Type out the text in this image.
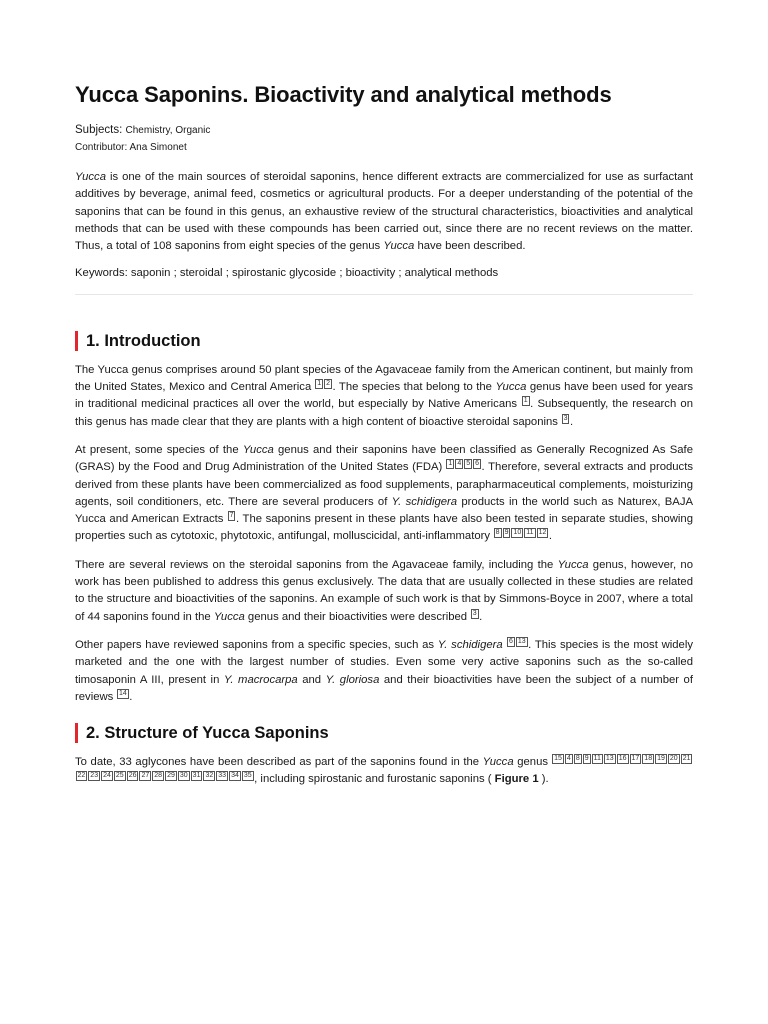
Yucca Saponins. Bioactivity and analytical methods
Subjects: Chemistry, Organic
Contributor: Ana Simonet

Yucca is one of the main sources of steroidal saponins, hence different extracts are commercialized for use as surfactant additives by beverage, animal feed, cosmetics or agricultural products. For a deeper understanding of the potential of the saponins that can be found in this genus, an exhaustive review of the structural characteristics, bioactivities and analytical methods that can be used with these compounds has been carried out, since there are no recent reviews on the matter. Thus, a total of 108 saponins from eight species of the genus Yucca have been described.

Keywords: saponin ; steroidal ; spirostanic glycoside ; bioactivity ; analytical methods

1. Introduction

The Yucca genus comprises around 50 plant species of the Agavaceae family from the American continent, but mainly from the United States, Mexico and Central America 1 2 . The species that belong to the Yucca genus have been used for years in traditional medicinal practices all over the world, but especially by Native Americans 1 . Subsequently, the research on this genus has made clear that they are plants with a high content of bioactive steroidal saponins 3 .

At present, some species of the Yucca genus and their saponins have been classified as Generally Recognized As Safe (GRAS) by the Food and Drug Administration of the United States (FDA) 1 4 5 6 . Therefore, several extracts and products derived from these plants have been commercialized as food supplements, parapharmaceutical complements, moisturizing agents, soil conditioners, etc. There are several producers of Y. schidigera products in the world such as Naturex, BAJA Yucca and American Extracts 7 . The saponins present in these plants have also been tested in separate studies, showing properties such as cytotoxic, phytotoxic, antifungal, molluscicidal, anti-inflammatory 8 9 10 11 12 .

There are several reviews on the steroidal saponins from the Agavaceae family, including the Yucca genus, however, no work has been published to address this genus exclusively. The data that are usually collected in these studies are related to the structure and bioactivities of the saponins. An example of such work is that by Simmons-Boyce in 2007, where a total of 44 saponins found in the Yucca genus and their bioactivities were described 3 .

Other papers have reviewed saponins from a specific species, such as Y. schidigera 6 13 . This species is the most widely marketed and the one with the largest number of studies. Even some very active saponins such as the so-called timosaponin A III, present in Y. macrocarpa and Y. gloriosa and their bioactivities have been the subject of a number of reviews 14 .

2. Structure of Yucca Saponins

To date, 33 aglycones have been described as part of the saponins found in the Yucca genus 15 4 8 9 11 13 16 17 18 19 20 2122 23 24 25 26 27 28 29 30 31 32 33 34 35 , including spirostanic and furostanic saponins ( Figure 1 ).
